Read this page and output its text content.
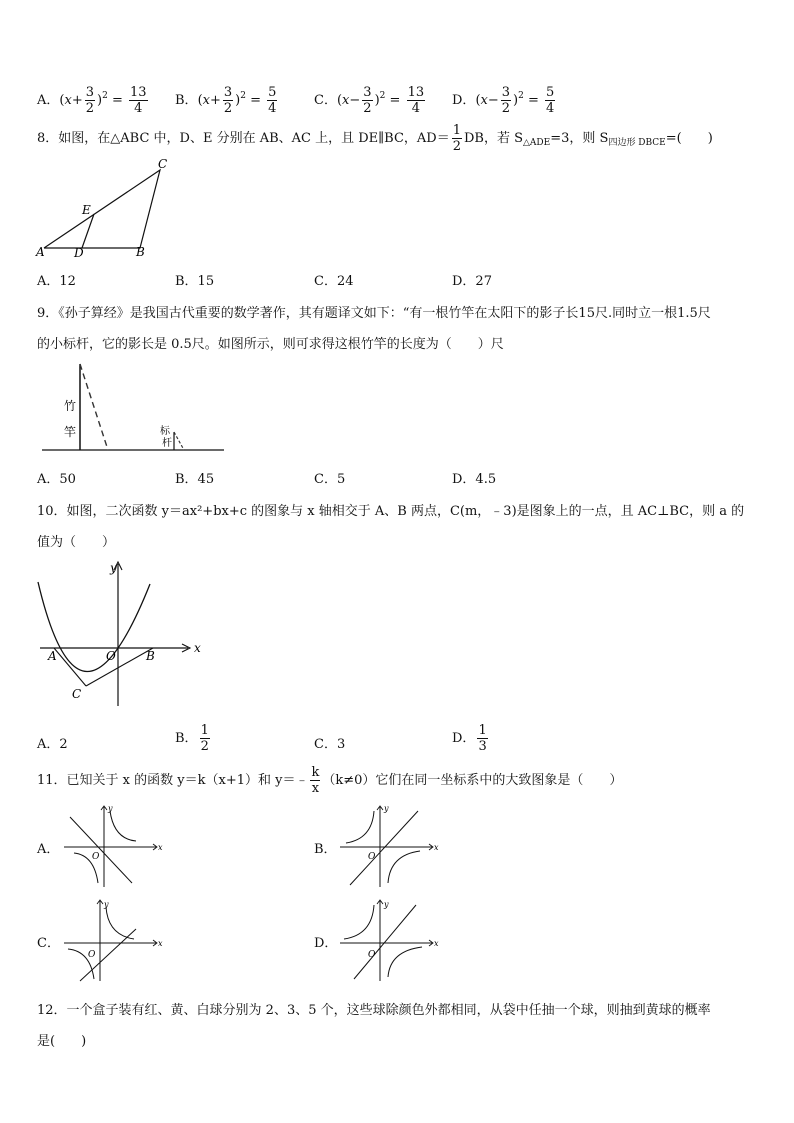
A．$(x+ \frac{3}{2} )^2 = \frac{13}{4}$ B．$(x+ \frac{3}{2} )^2 = \frac{5}{4}$	C．$(x- \frac{3}{2} )^2 = \frac{13}{4}$ D．$(x- \frac{3}{2} )^2 = \frac{5}{4}$
8．如图，在△ABC 中，D、E 分别在 AB、AC 上，且 DE∥BC，$AD= \frac{1}{2}$ DB，若 $S_{\triangle ADE}=3$，则 $S_{四边形 DBCE}=$(　　)
C
E
A D	B
A．12	B．15	C．24	D．27
9．《孙子算经》是我国古代重要的数学著作，其有题译文如下：“有一根竹竿在太阳下的影子长15尺.同时立一根1.5尺
的小标杆，它的影长是 0.5尺。如图所示，则可求得这根竹竿的长度为（　　）尺
竹
竿	标
杆
A．50	B．45	C．5	D．4.5
10．如图，二次函数 y＝ax²+bx+c 的图象与 x 轴相交于 A、B 两点，C(m，﹣3)是图象上的一点，且 AC⊥BC，则 a 的
值为（　　）
y
x
A	O	B
C
A．2	B． $\frac{1}{2}$	C．3	D． $\frac{1}{3}$
11．已知关于 x 的函数 y＝k（x+1）和 y＝﹣ $\frac{k}{x} (k\ne 0)$它们在同一坐标系中的大致图象是（　　）
A．
y
x
O	B．
y
x
O
C．
y
x
O
D．
y
x
O
12．一个盒子装有红、黄、白球分别为 2、3、5 个，这些球除颜色外都相同，从袋中任抽一个球，则抽到黄球的概率
是(　　)
